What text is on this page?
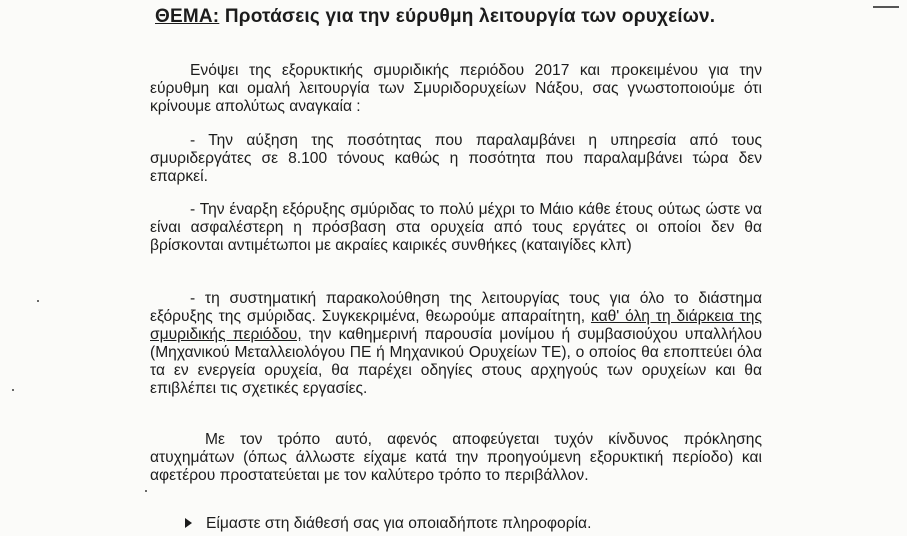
ΘΕΜΑ: Προτάσεις για την εύρυθμη λειτουργία των ορυχείων.

Ενόψει της εξορυκτικής σμυριδικής περιόδου 2017 και προκειμένου για την εύρυθμη και ομαλή λειτουργία των Σμυριδορυχείων Νάξου, σας γνωστοποιούμε ότι κρίνουμε απολύτως αναγκαία :

- Την αύξηση της ποσότητας που παραλαμβάνει η υπηρεσία από τους σμυριδεργάτες σε 8.100 τόνους καθώς η ποσότητα που παραλαμβάνει τώρα δεν επαρκεί.

- Την έναρξη εξόρυξης σμύριδας το πολύ μέχρι το Μάιο κάθε έτους ούτως ώστε να είναι ασφαλέστερη η πρόσβαση στα ορυχεία από τους εργάτες οι οποίοι δεν θα βρίσκονται αντιμέτωποι με ακραίες καιρικές συνθήκες (καταιγίδες κλπ)

- τη συστηματική παρακολούθηση της λειτουργίας τους για όλο το διάστημα εξόρυξης της σμύριδας. Συγκεκριμένα, θεωρούμε απαραίτητη, καθ' όλη τη διάρκεια της σμυριδικής περιόδου, την καθημερινή παρουσία μονίμου ή συμβασιούχου υπαλλήλου (Μηχανικού Μεταλλειολόγου ΠΕ ή Μηχανικού Ορυχείων ΤΕ), ο οποίος θα εποπτεύει όλα τα εν ενεργεία ορυχεία, θα παρέχει οδηγίες στους αρχηγούς των ορυχείων και θα επιβλέπει τις σχετικές εργασίες.

Με τον τρόπο αυτό, αφενός αποφεύγεται τυχόν κίνδυνος πρόκλησης ατυχημάτων (όπως άλλωστε είχαμε κατά την προηγούμενη εξορυκτική περίοδο) και αφετέρου προστατεύεται με τον καλύτερο τρόπο το περιβάλλον.

Είμαστε στη διάθεσή σας για οποιαδήποτε πληροφορία.
